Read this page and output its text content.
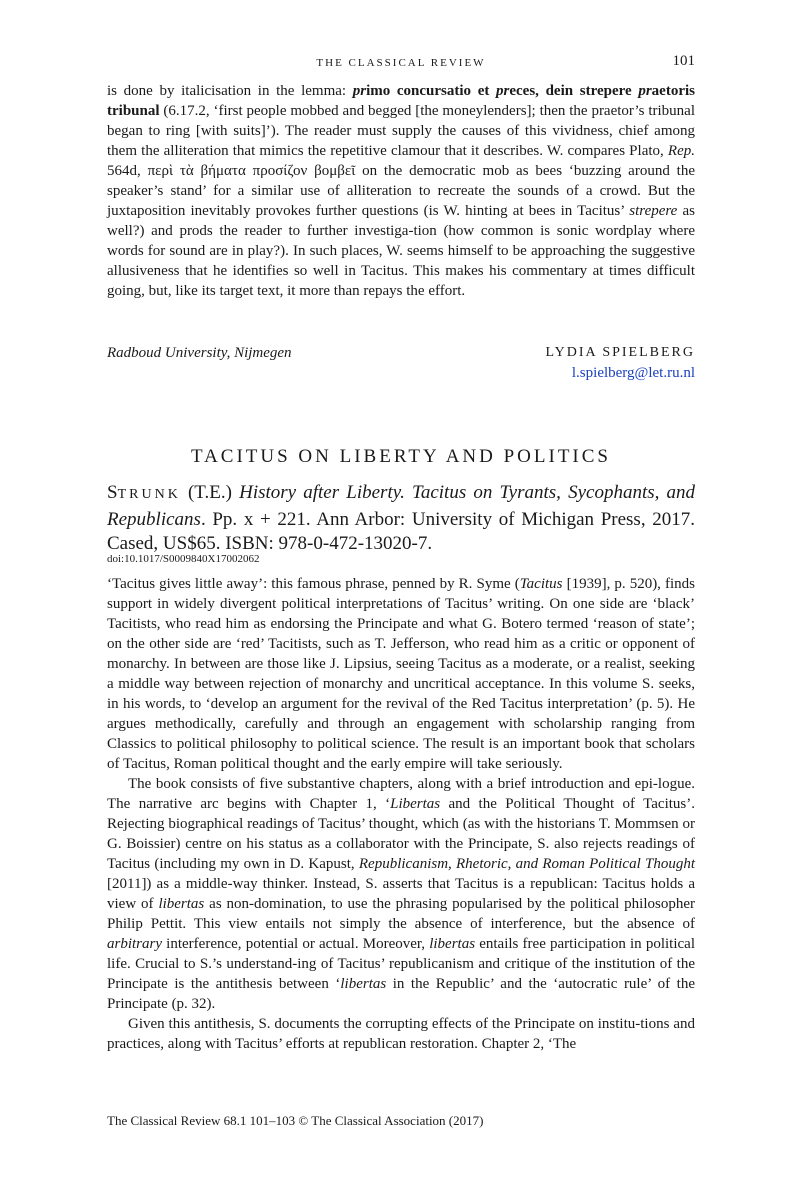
THE CLASSICAL REVIEW	101

is done by italicisation in the lemma: primo concursatio et preces, dein strepere praetoris tribunal (6.17.2, ‘first people mobbed and begged [the moneylenders]; then the praetor’s tribunal began to ring [with suits]’). The reader must supply the causes of this vividness, chief among them the alliteration that mimics the repetitive clamour that it describes. W. compares Plato, Rep. 564d, περὶ τὰ βήματα προσίζον βομβεῖ on the democratic mob as bees ‘buzzing around the speaker’s stand’ for a similar use of alliteration to recreate the sounds of a crowd. But the juxtaposition inevitably provokes further questions (is W. hinting at bees in Tacitus’ strepere as well?) and prods the reader to further investiga-tion (how common is sonic wordplay where words for sound are in play?). In such places, W. seems himself to be approaching the suggestive allusiveness that he identifies so well in Tacitus. This makes his commentary at times difficult going, but, like its target text, it more than repays the effort.

Radboud University, Nijmegen	LYDIA SPIELBERG
l.spielberg@let.ru.nl
TACITUS ON LIBERTY AND POLITICS
STRUNK (T.E.) History after Liberty. Tacitus on Tyrants, Sycophants, and Republicans. Pp. x + 221. Ann Arbor: University of Michigan Press, 2017. Cased, US$65. ISBN: 978-0-472-13020-7.
doi:10.1017/S0009840X17002062

‘Tacitus gives little away’: this famous phrase, penned by R. Syme (Tacitus [1939], p. 520), finds support in widely divergent political interpretations of Tacitus’ writing. On one side are ‘black’ Tacitists, who read him as endorsing the Principate and what G. Botero termed ‘reason of state’; on the other side are ‘red’ Tacitists, such as T. Jefferson, who read him as a critic or opponent of monarchy. In between are those like J. Lipsius, seeing Tacitus as a moderate, or a realist, seeking a middle way between rejection of monarchy and uncritical acceptance. In this volume S. seeks, in his words, to ‘develop an argument for the revival of the Red Tacitus interpretation’ (p. 5). He argues methodically, carefully and through an engagement with scholarship ranging from Classics to political philosophy to political science. The result is an important book that scholars of Tacitus, Roman political thought and the early empire will take seriously.

The book consists of five substantive chapters, along with a brief introduction and epi-logue. The narrative arc begins with Chapter 1, ‘Libertas and the Political Thought of Tacitus’. Rejecting biographical readings of Tacitus’ thought, which (as with the historians T. Mommsen or G. Boissier) centre on his status as a collaborator with the Principate, S. also rejects readings of Tacitus (including my own in D. Kapust, Republicanism, Rhetoric, and Roman Political Thought [2011]) as a middle-way thinker. Instead, S. asserts that Tacitus is a republican: Tacitus holds a view of libertas as non-domination, to use the phrasing popularised by the political philosopher Philip Pettit. This view entails not simply the absence of interference, but the absence of arbitrary interference, potential or actual. Moreover, libertas entails free participation in political life. Crucial to S.’s understand-ing of Tacitus’ republicanism and critique of the institution of the Principate is the antithesis between ‘libertas in the Republic’ and the ‘autocratic rule’ of the Principate (p. 32).

Given this antithesis, S. documents the corrupting effects of the Principate on institu-tions and practices, along with Tacitus’ efforts at republican restoration. Chapter 2, ‘The

The Classical Review 68.1 101–103 © The Classical Association (2017)
